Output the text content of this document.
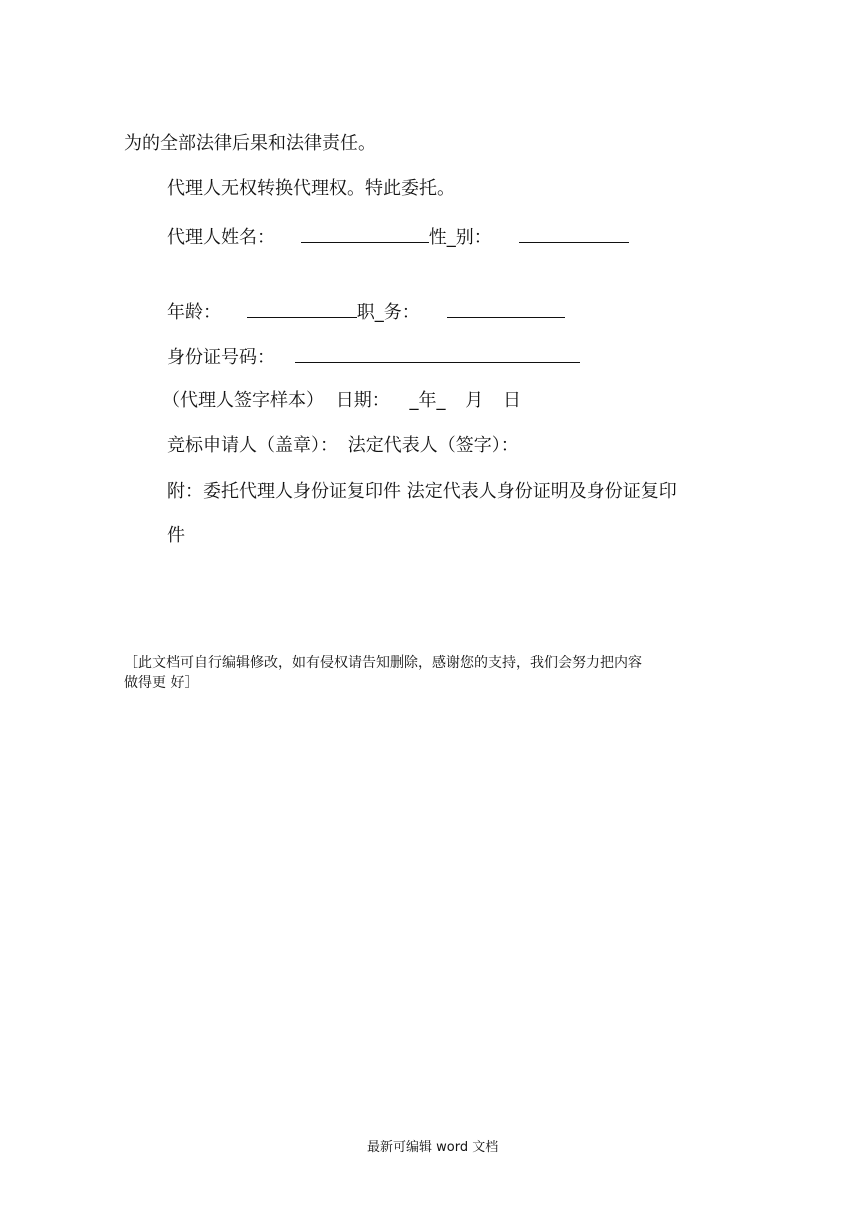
为的全部法律后果和法律责任。
代理人无权转换代理权。特此委托。
代理人姓名：	性_别：
年龄：	职_务：
身份证号码：
（代理人签字样本） 日期： _年_ 月 日
竞标申请人（盖章）： 法定代表人（签字）：
附：委托代理人身份证复印件 法定代表人身份证明及身份证复印
件
［此文档可自行编辑修改，如有侵权请告知删除，感谢您的支持，我们会努力把内容
做得更 好］
最新可编辑 word 文档
